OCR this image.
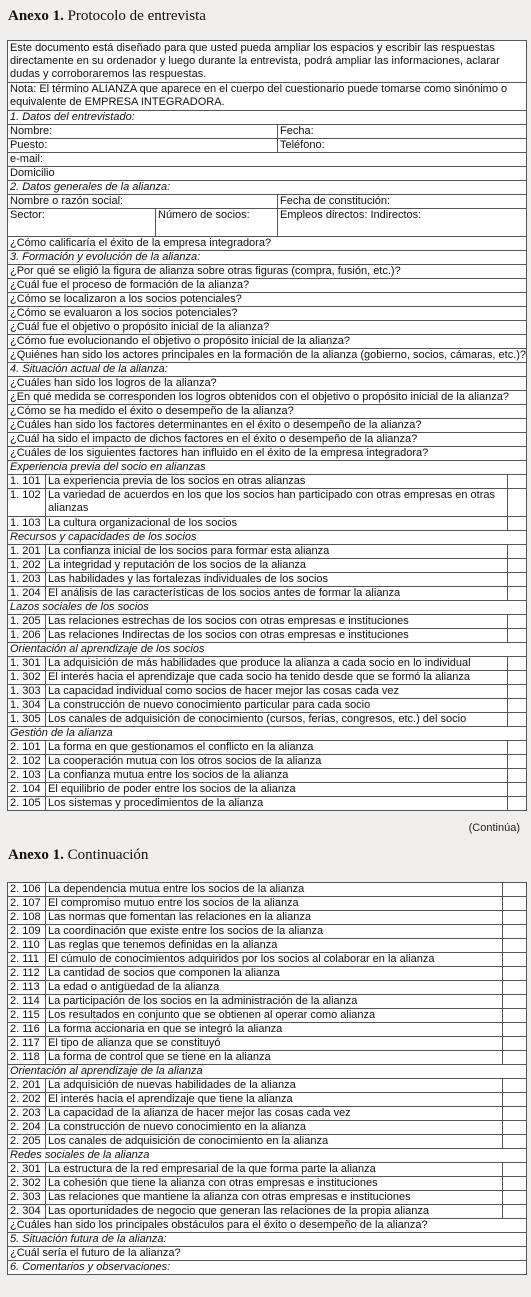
Anexo 1. Protocolo de entrevista
Este documento está diseñado para que usted pueda ampliar los espacios y escribir las respuestas directamente en su ordenador y luego durante la entrevista, podrá ampliar las informaciones, aclarar dudas y corroboraremos las respuestas.
Nota: El término ALIANZA que aparece en el cuerpo del cuestionario puede tomarse como sinónimo o equivalente de EMPRESA INTEGRADORA.
1. Datos del entrevistado:
Nombre:	Fecha:
Puesto:	Teléfono:
e-mail:
Domicilio
2. Datos generales de la alianza:
Nombre o razón social:	Fecha de constitución:
Sector:	Número de socios:	Empleos directos: Indirectos:
¿Cómo calificaría el éxito de la empresa integradora?
3. Formación y evolución de la alianza:
¿Por qué se eligió la figura de alianza sobre otras figuras (compra, fusión, etc.)?
¿Cuál fue el proceso de formación de la alianza?
¿Cómo se localizaron a los socios potenciales?
¿Cómo se evaluaron a los socios potenciales?
¿Cuál fue el objetivo o propósito inicial de la alianza?
¿Cómo fue evolucionando el objetivo o propósito inicial de la alianza?
¿Quiénes han sido los actores principales en la formación de la alianza (gobierno, socios, cámaras, etc.)?
4. Situación actual de la alianza:
¿Cuáles han sido los logros de la alianza?
¿En qué medida se corresponden los logros obtenidos con el objetivo o propósito inicial de la alianza?
¿Cómo se ha medido el éxito o desempeño de la alianza?
¿Cuáles han sido los factores determinantes en el éxito o desempeño de la alianza?
¿Cuál ha sido el impacto de dichos factores en el éxito o desempeño de la alianza?
¿Cuáles de los siguientes factores han influido en el éxito de la empresa integradora?
Experiencia previa del socio en alianzas
1. 101 La experiencia previa de los socios en otras alianzas
1. 102 La variedad de acuerdos en los que los socios han participado con otras empresas en otras alianzas
1. 103 La cultura organizacional de los socios
Recursos y capacidades de los socios
1. 201 La confianza inicial de los socios para formar esta alianza
1. 202 La integridad y reputación de los socios de la alianza
1. 203 Las habilidades y las fortalezas individuales de los socios
1. 204 El análisis de las características de los socios antes de formar la alianza
Lazos sociales de los socios
1. 205 Las relaciones estrechas de los socios con otras empresas e instituciones
1. 206 Las relaciones Indirectas de los socios con otras empresas e instituciones
Orientación al aprendizaje de los socios
1. 301 La adquisición de más habilidades que produce la alianza a cada socio en lo individual
1. 302 El interés hacia el aprendizaje que cada socio ha tenido desde que se formó la alianza
1. 303 La capacidad individual como socios de hacer mejor las cosas cada vez
1. 304 La construcción de nuevo conocimiento particular para cada socio
1. 305 Los canales de adquisición de conocimiento (cursos, ferias, congresos, etc.) del socio
Gestión de la alianza
2. 101 La forma en que gestionamos el conflicto en la alianza
2. 102 La cooperación mutua con los otros socios de la alianza
2. 103 La confianza mutua entre los socios de la alianza
2. 104 El equilibrio de poder entre los socios de la alianza
2. 105 Los sistemas y procedimientos de la alianza
(Continúa)
Anexo 1. Continuación
2. 106 La dependencia mutua entre los socios de la alianza
2. 107 El compromiso mutuo entre los socios de la alianza
2. 108 Las normas que fomentan las relaciones en la alianza
2. 109 La coordinación que existe entre los socios de la alianza
2. 110 Las reglas que tenemos definidas en la alianza
2. 111 El cúmulo de conocimientos adquiridos por los socios al colaborar en la alianza
2. 112 La cantidad de socios que componen la alianza
2. 113 La edad o antigüedad de la alianza
2. 114 La participación de los socios en la administración de la alianza
2. 115 Los resultados en conjunto que se obtienen al operar como alianza
2. 116 La forma accionaria en que se integró la alianza
2. 117 El tipo de alianza que se constituyó
2. 118 La forma de control que se tiene en la alianza
Orientación al aprendizaje de la alianza
2. 201 La adquisición de nuevas habilidades de la alianza
2. 202 El interés hacia el aprendizaje que tiene la alianza
2. 203 La capacidad de la alianza de hacer mejor las cosas cada vez
2. 204 La construcción de nuevo conocimiento en la alianza
2. 205 Los canales de adquisición de conocimiento en la alianza
Redes sociales de la alianza
2. 301 La estructura de la red empresarial de la que forma parte la alianza
2. 302 La cohesión que tiene la alianza con otras empresas e instituciones
2. 303 Las relaciones que mantiene la alianza con otras empresas e instituciones
2. 304 Las oportunidades de negocio que generan las relaciones de la propia alianza
¿Cuáles han sido los principales obstáculos para el éxito o desempeño de la alianza?
5. Situación futura de la alianza:
¿Cuál sería el futuro de la alianza?
6. Comentarios y observaciones:
